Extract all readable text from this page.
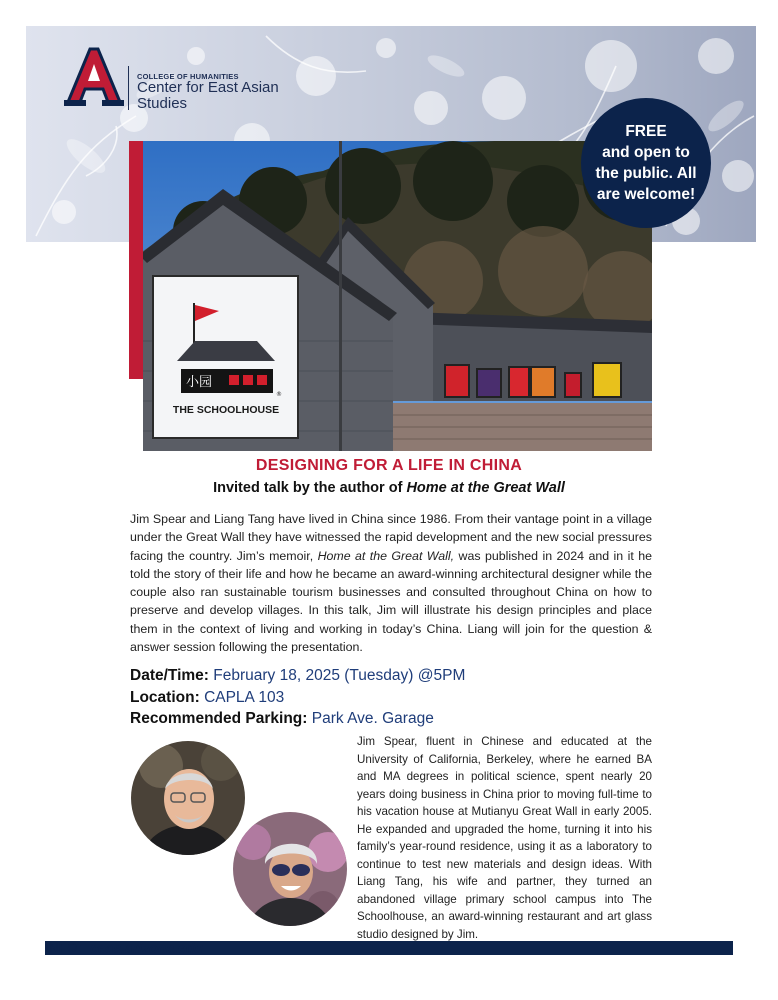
COLLEGE OF HUMANITIES
Center for East Asian
Studies
小园
®
THE SCHOOLHOUSE
FREE
and open to
the public. All
are welcome!
DESIGNING FOR A LIFE IN CHINA
Invited talk by the author of Home at the Great Wall
Jim Spear and Liang Tang have lived in China since 1986. From their vantage point in a village under the Great Wall they have witnessed the rapid development and the new social pressures facing the country. Jim’s memoir, Home at the Great Wall, was published in 2024 and in it he told the story of their life and how he became an award-winning architectural designer while the couple also ran sustainable tourism businesses and consulted throughout China on how to preserve and develop villages. In this talk, Jim will illustrate his design principles and place them in the context of living and working in today’s China. Liang will join for the question & answer session following the presentation.
Date/Time: February 18, 2025 (Tuesday) @5PM
Location: CAPLA 103
Recommended Parking: Park Ave. Garage
Jim Spear, fluent in Chinese and educated at the University of California, Berkeley, where he earned BA and MA degrees in political science, spent nearly 20 years doing business in China prior to moving full-time to his vacation house at Mutianyu Great Wall in early 2005. He expanded and upgraded the home, turning it into his family’s year-round residence, using it as a laboratory to continue to test new materials and design ideas. With Liang Tang, his wife and partner, they turned an abandoned village primary school campus into The Schoolhouse, an award-winning restaurant and art glass studio designed by Jim.
INFO: ceas.arizona.edu
